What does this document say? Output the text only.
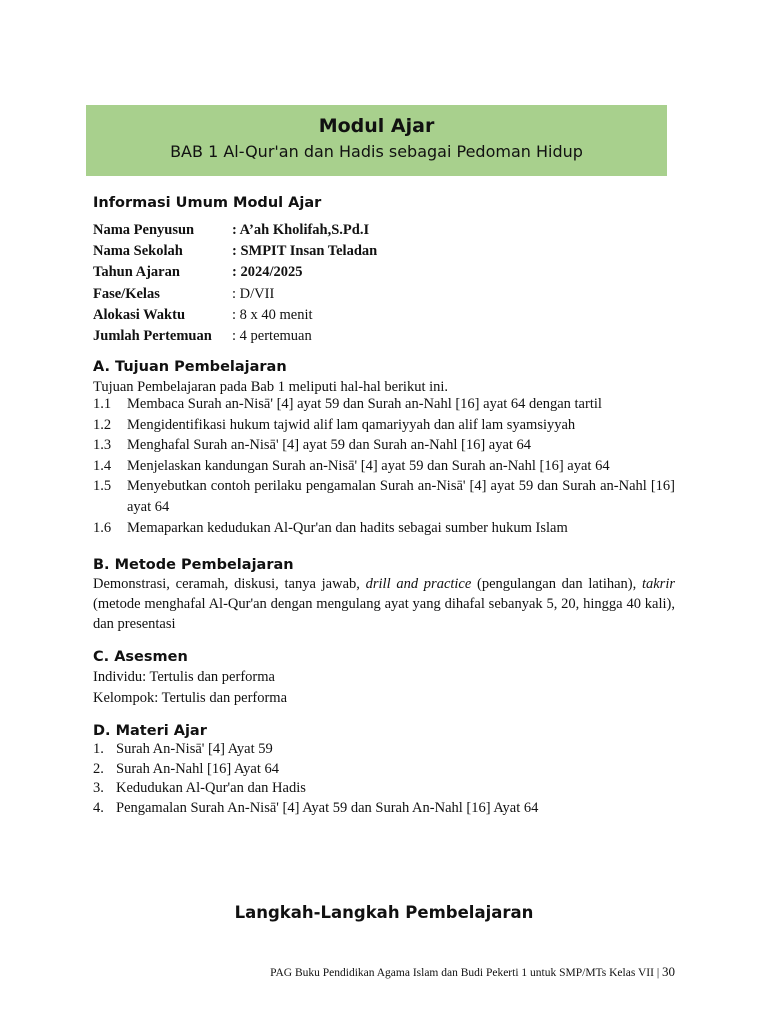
Modul Ajar
BAB 1 Al-Qur'an dan Hadis sebagai Pedoman Hidup
Informasi Umum Modul Ajar
Nama Penyusun	: A’ah Kholifah,S.Pd.I
Nama Sekolah	: SMPIT Insan Teladan
Tahun Ajaran	: 2024/2025
Fase/Kelas	: D/VII
Alokasi Waktu	: 8 x 40 menit
Jumlah Pertemuan : 4 pertemuan
A. Tujuan Pembelajaran
Tujuan Pembelajaran pada Bab 1 meliputi hal-hal berikut ini.
1.1	Membaca Surah an-Nisā' [4] ayat 59 dan Surah an-Nahl [16] ayat 64 dengan tartil
1.2	Mengidentifikasi hukum tajwid alif lam qamariyyah dan alif lam syamsiyyah
1.3	Menghafal Surah an-Nisā' [4] ayat 59 dan Surah an-Nahl [16] ayat 64
1.4	Menjelaskan kandungan Surah an-Nisā' [4] ayat 59 dan Surah an-Nahl [16] ayat 64
1.5	Menyebutkan contoh perilaku pengamalan Surah an-Nisā' [4] ayat 59 dan Surah an-Nahl [16] ayat 64
1.6	Memaparkan kedudukan Al-Qur'an dan hadits sebagai sumber hukum Islam
B. Metode Pembelajaran

Demonstrasi, ceramah, diskusi, tanya jawab, drill and practice (pengulangan dan latihan), takrir (metode menghafal Al-Qur'an dengan mengulang ayat yang dihafal sebanyak 5, 20, hingga 40 kali), dan presentasi

C. Asesmen
Individu: Tertulis dan performa
Kelompok: Tertulis dan performa
D. Materi Ajar
1. Surah An-Nisā' [4] Ayat 59
2. Surah An-Nahl [16] Ayat 64
3. Kedudukan Al-Qur'an dan Hadis
4. Pengamalan Surah An-Nisā' [4] Ayat 59 dan Surah An-Nahl [16] Ayat 64
Langkah-Langkah Pembelajaran
PAG Buku Pendidikan Agama Islam dan Budi Pekerti 1 untuk SMP/MTs Kelas VII | 30
